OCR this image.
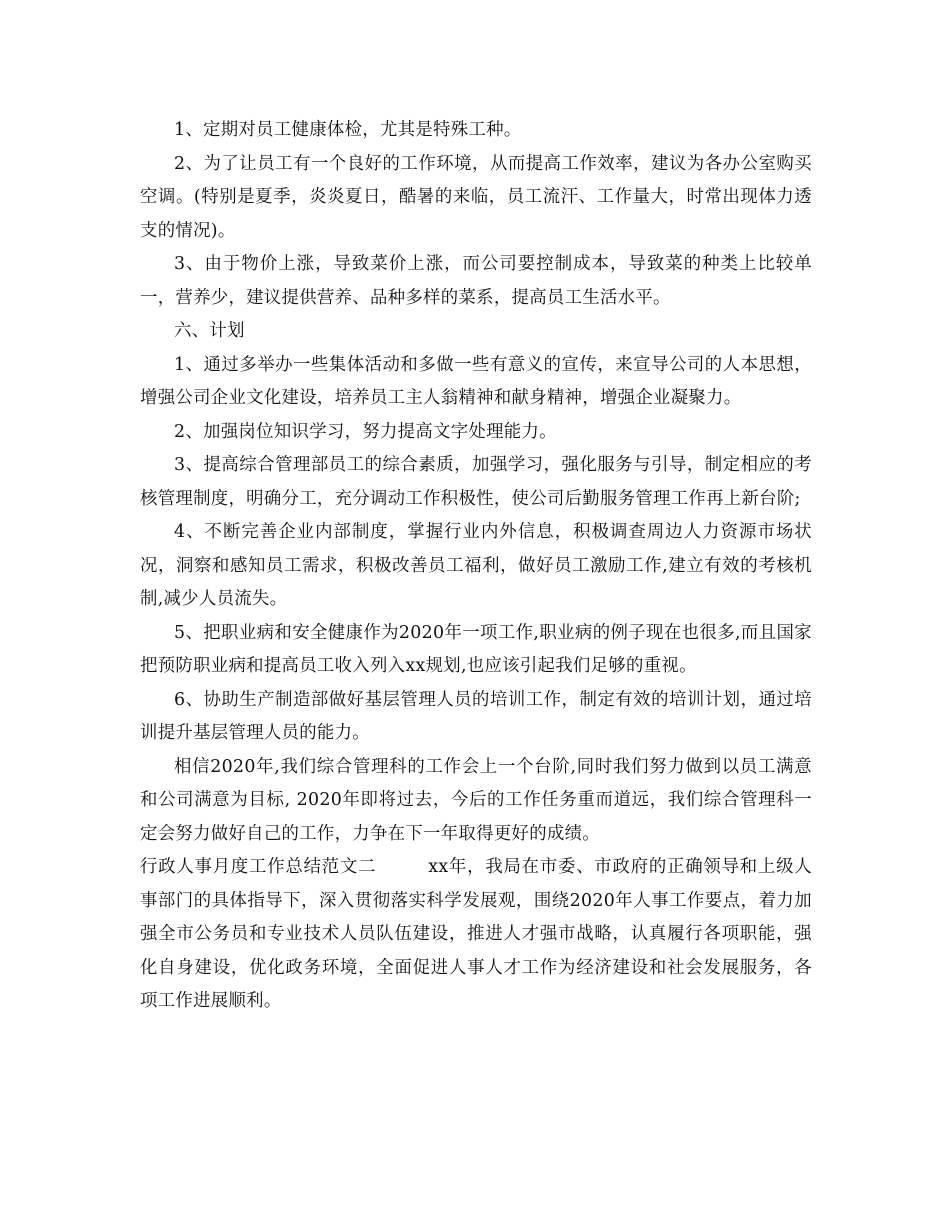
1、定期对员工健康体检，尤其是特殊工种。

2、为了让员工有一个良好的工作环境，从而提高工作效率，建议为各办公室购买空调。(特别是夏季，炎炎夏日，酷暑的来临，员工流汗、工作量大，时常出现体力透支的情况)。

3、由于物价上涨，导致菜价上涨，而公司要控制成本，导致菜的种类上比较单一，营养少，建议提供营养、品种多样的菜系，提高员工生活水平。

六、计划

1、通过多举办一些集体活动和多做一些有意义的宣传，来宣导公司的人本思想，增强公司企业文化建设，培养员工主人翁精神和献身精神，增强企业凝聚力。

2、加强岗位知识学习，努力提高文字处理能力。

3、提高综合管理部员工的综合素质，加强学习，强化服务与引导，制定相应的考核管理制度，明确分工，充分调动工作积极性，使公司后勤服务管理工作再上新台阶;

4、不断完善企业内部制度，掌握行业内外信息，积极调查周边人力资源市场状况，洞察和感知员工需求，积极改善员工福利，做好员工激励工作,建立有效的考核机制,减少人员流失。

5、把职业病和安全健康作为2020年一项工作,职业病的例子现在也很多,而且国家把预防职业病和提高员工收入列入xx规划,也应该引起我们足够的重视。

6、协助生产制造部做好基层管理人员的培训工作，制定有效的培训计划，通过培训提升基层管理人员的能力。

相信2020年,我们综合管理科的工作会上一个台阶,同时我们努力做到以员工满意和公司满意为目标, 2020年即将过去，今后的工作任务重而道远，我们综合管理科一定会努力做好自己的工作，力争在下一年取得更好的成绩。

行政人事月度工作总结范文二	xx年，我局在市委、市政府的正确领导和上级人事部门的具体指导下，深入贯彻落实科学发展观，围绕2020年人事工作要点，着力加强全市公务员和专业技术人员队伍建设，推进人才强市战略，认真履行各项职能，强化自身建设，优化政务环境，全面促进人事人才工作为经济建设和社会发展服务，各项工作进展顺利。
